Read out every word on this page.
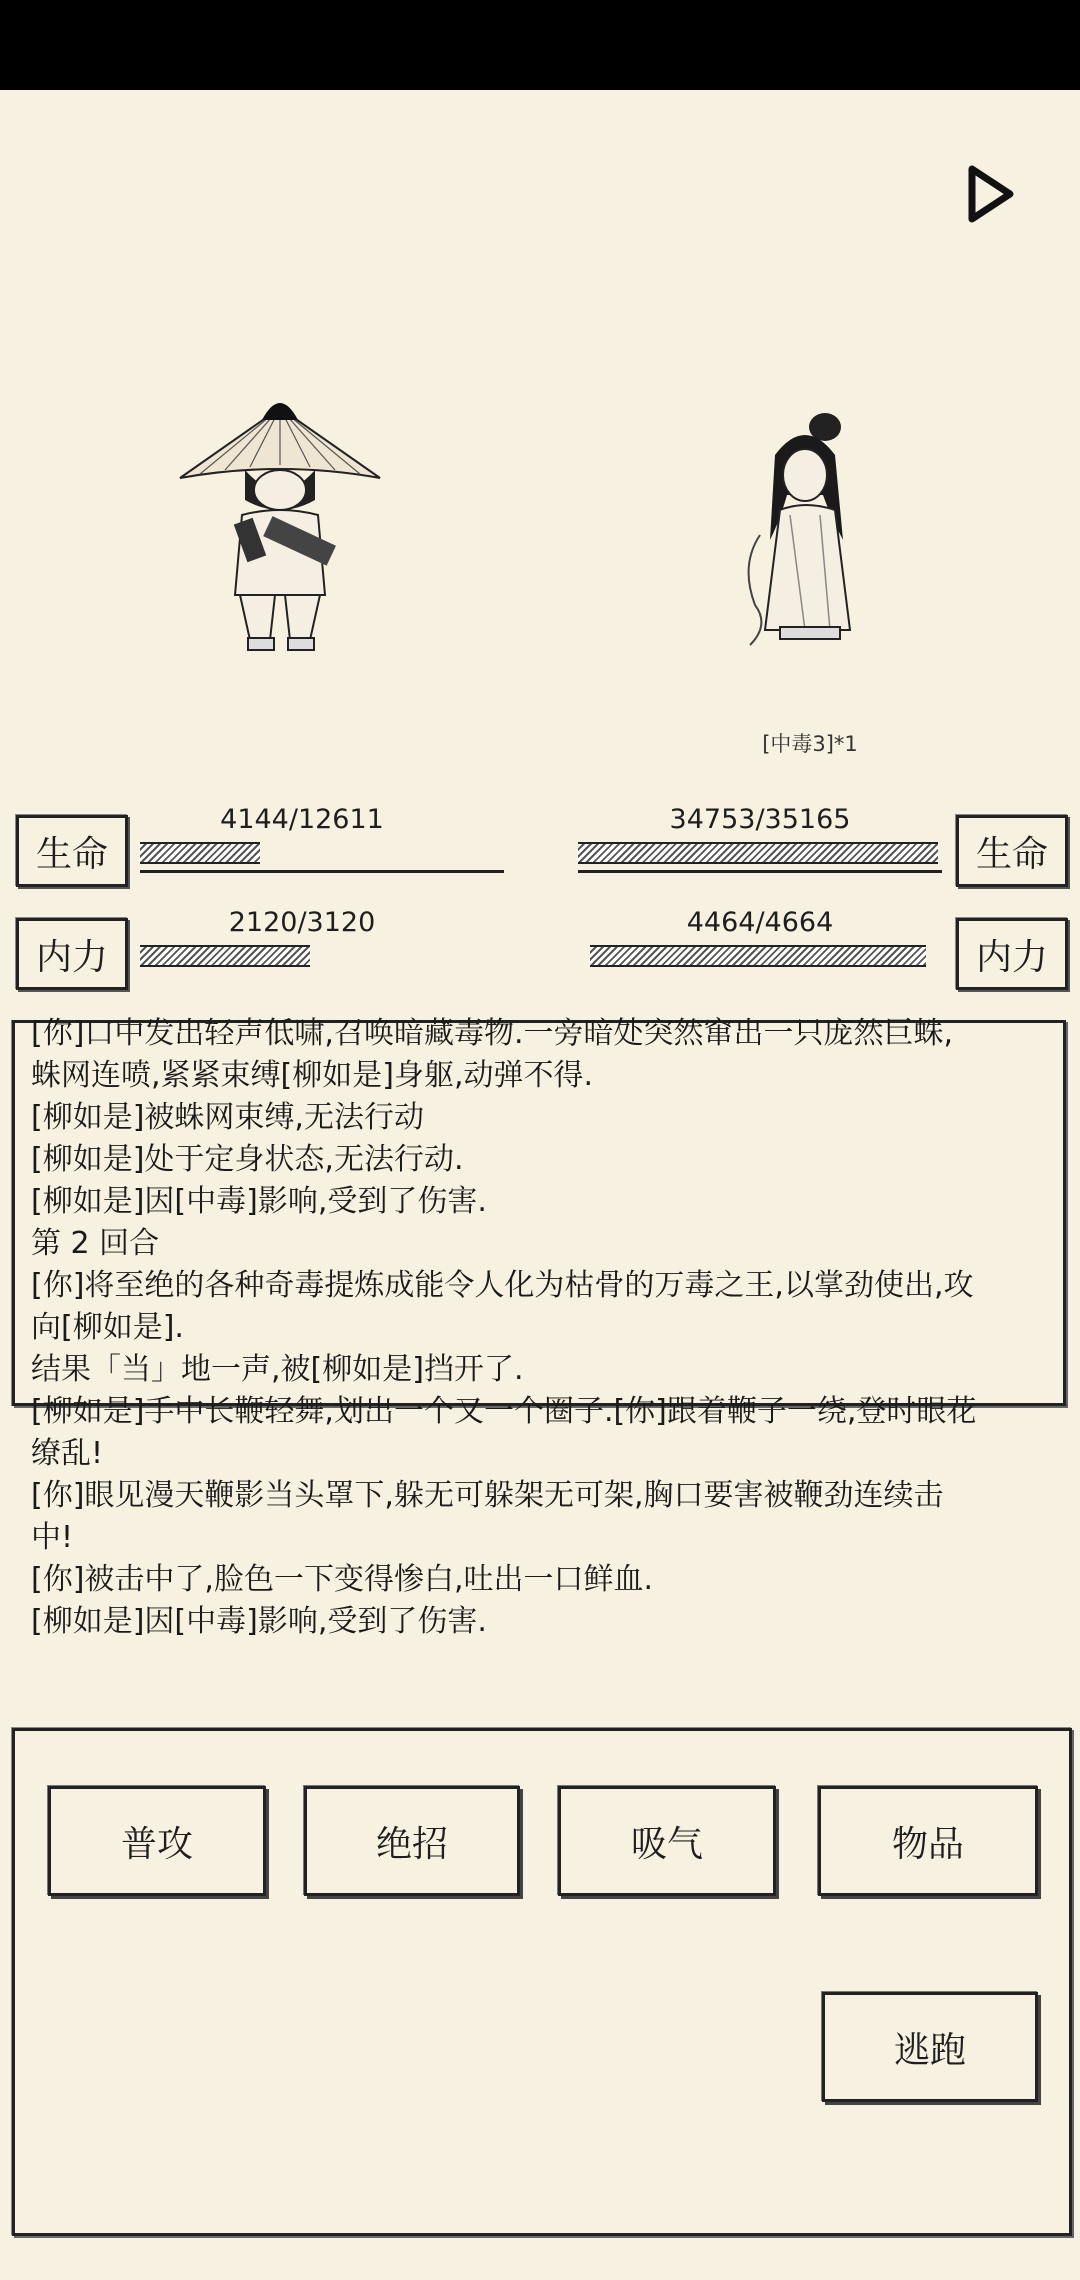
[中毒3]*1
生命
4144/12611
内力
2120/3120
生命
34753/35165
内力
4464/4664
[你]口中发出轻声低啸,召唤暗藏毒物.一旁暗处突然窜出一只庞然巨蛛,
蛛网连喷,紧紧束缚[柳如是]身躯,动弹不得.
[柳如是]被蛛网束缚,无法行动
[柳如是]处于定身状态,无法行动.
[柳如是]因[中毒]影响,受到了伤害.
第 2 回合
[你]将至绝的各种奇毒提炼成能令人化为枯骨的万毒之王,以掌劲使出,攻
向[柳如是].
结果「当」地一声,被[柳如是]挡开了.
[柳如是]手中长鞭轻舞,划出一个又一个圈子.[你]跟着鞭子一绕,登时眼花
缭乱!
[你]眼见漫天鞭影当头罩下,躲无可躲架无可架,胸口要害被鞭劲连续击
中!
[你]被击中了,脸色一下变得惨白,吐出一口鲜血.
[柳如是]因[中毒]影响,受到了伤害.
普攻	绝招	吸气	物品
逃跑
